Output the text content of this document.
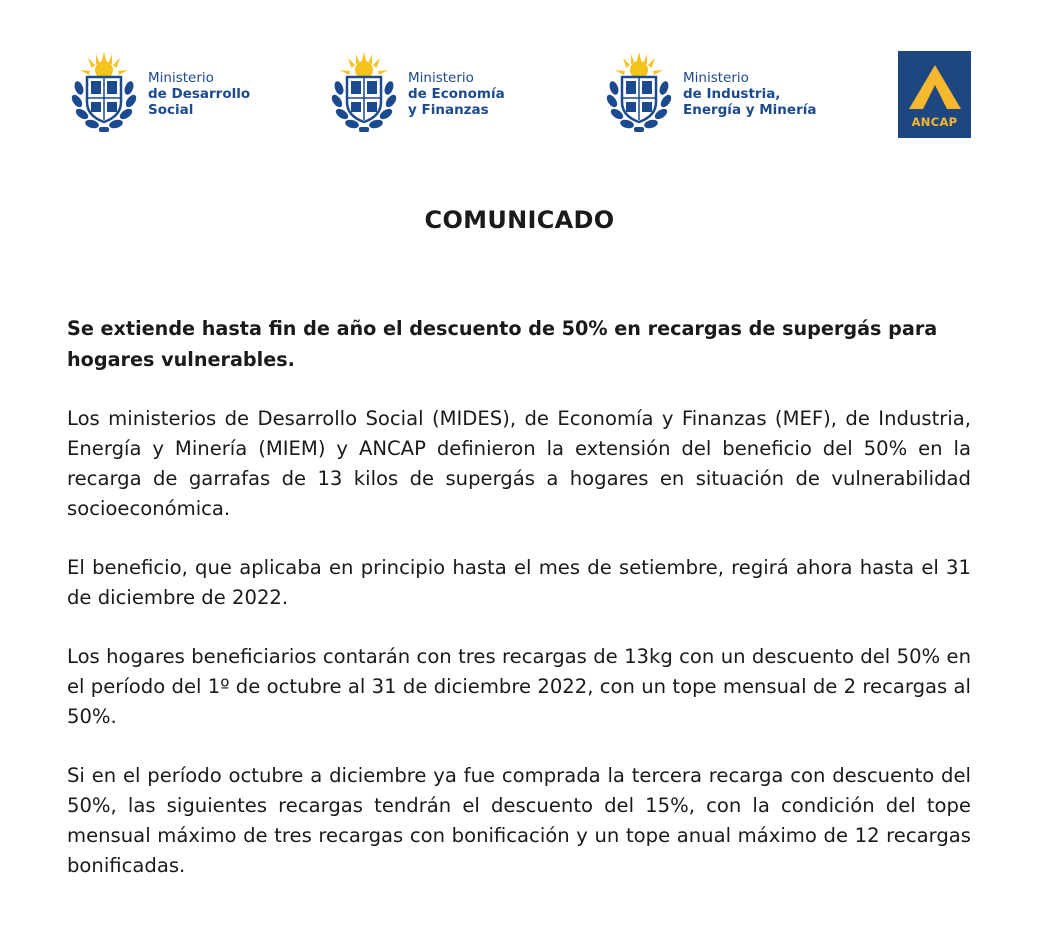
Ministerio
de Desarrollo
Social
Ministerio
de Economía
y Finanzas
Ministerio
de Industria,
Energía y Minería
ANCAP
COMUNICADO

Se extiende hasta fin de año el descuento de 50% en recargas de supergás para hogares vulnerables.

Los ministerios de Desarrollo Social (MIDES), de Economía y Finanzas (MEF), de Industria, Energía y Minería (MIEM) y ANCAP definieron la extensión del beneficio del 50% en la recarga de garrafas de 13 kilos de supergás a hogares en situación de vulnerabilidad socioeconómica.

El beneficio, que aplicaba en principio hasta el mes de setiembre, regirá ahora hasta el 31 de diciembre de 2022.

Los hogares beneficiarios contarán con tres recargas de 13kg con un descuento del 50% en el período del 1º de octubre al 31 de diciembre 2022, con un tope mensual de 2 recargas al 50%.

Si en el período octubre a diciembre ya fue comprada la tercera recarga con descuento del 50%, las siguientes recargas tendrán el descuento del 15%, con la condición del tope mensual máximo de tres recargas con bonificación y un tope anual máximo de 12 recargas bonificadas.
